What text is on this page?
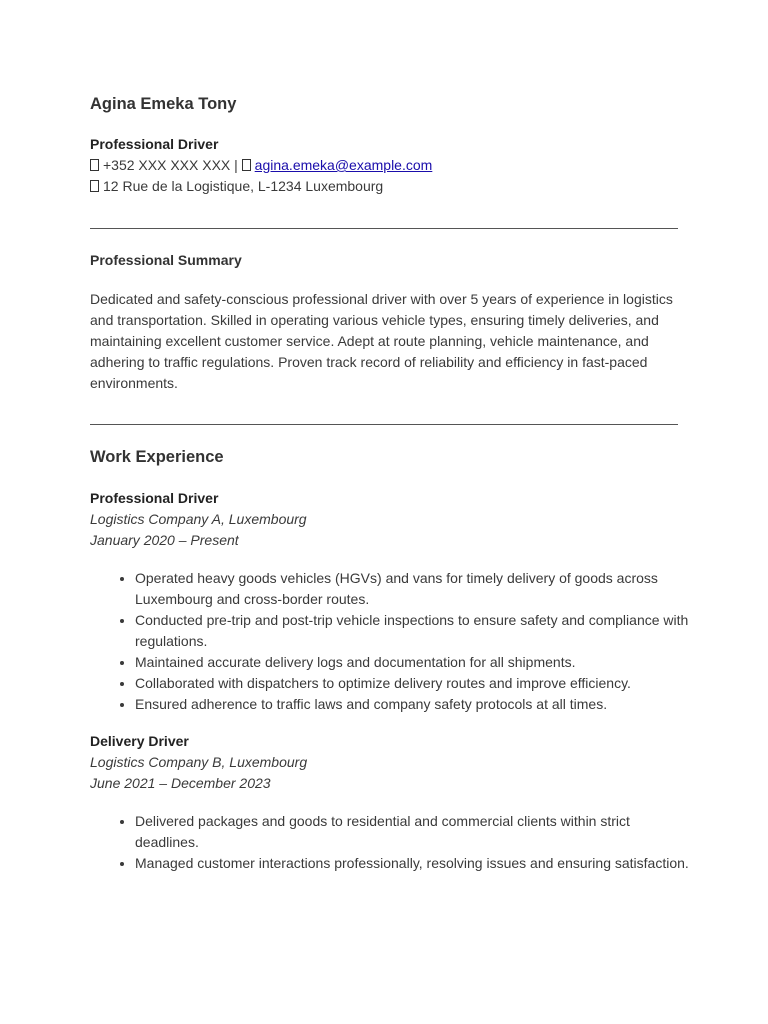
Agina Emeka Tony
Professional Driver
+352 XXX XXX XXX | agina.emeka@example.com
12 Rue de la Logistique, L-1234 Luxembourg
Professional Summary

Dedicated and safety-conscious professional driver with over 5 years of experience in logistics and transportation. Skilled in operating various vehicle types, ensuring timely deliveries, and maintaining excellent customer service. Adept at route planning, vehicle maintenance, and adhering to traffic regulations. Proven track record of reliability and efficiency in fast-paced environments.

Work Experience
Professional Driver
Logistics Company A, Luxembourg
January 2020 – Present
• Operated heavy goods vehicles (HGVs) and vans for timely delivery of goods across Luxembourg and cross-border routes.
• Conducted pre-trip and post-trip vehicle inspections to ensure safety and compliance with regulations.
• Maintained accurate delivery logs and documentation for all shipments.
• Collaborated with dispatchers to optimize delivery routes and improve efficiency.
• Ensured adherence to traffic laws and company safety protocols at all times.
Delivery Driver
Logistics Company B, Luxembourg
June 2021 – December 2023
• Delivered packages and goods to residential and commercial clients within strict deadlines.
• Managed customer interactions professionally, resolving issues and ensuring satisfaction.
